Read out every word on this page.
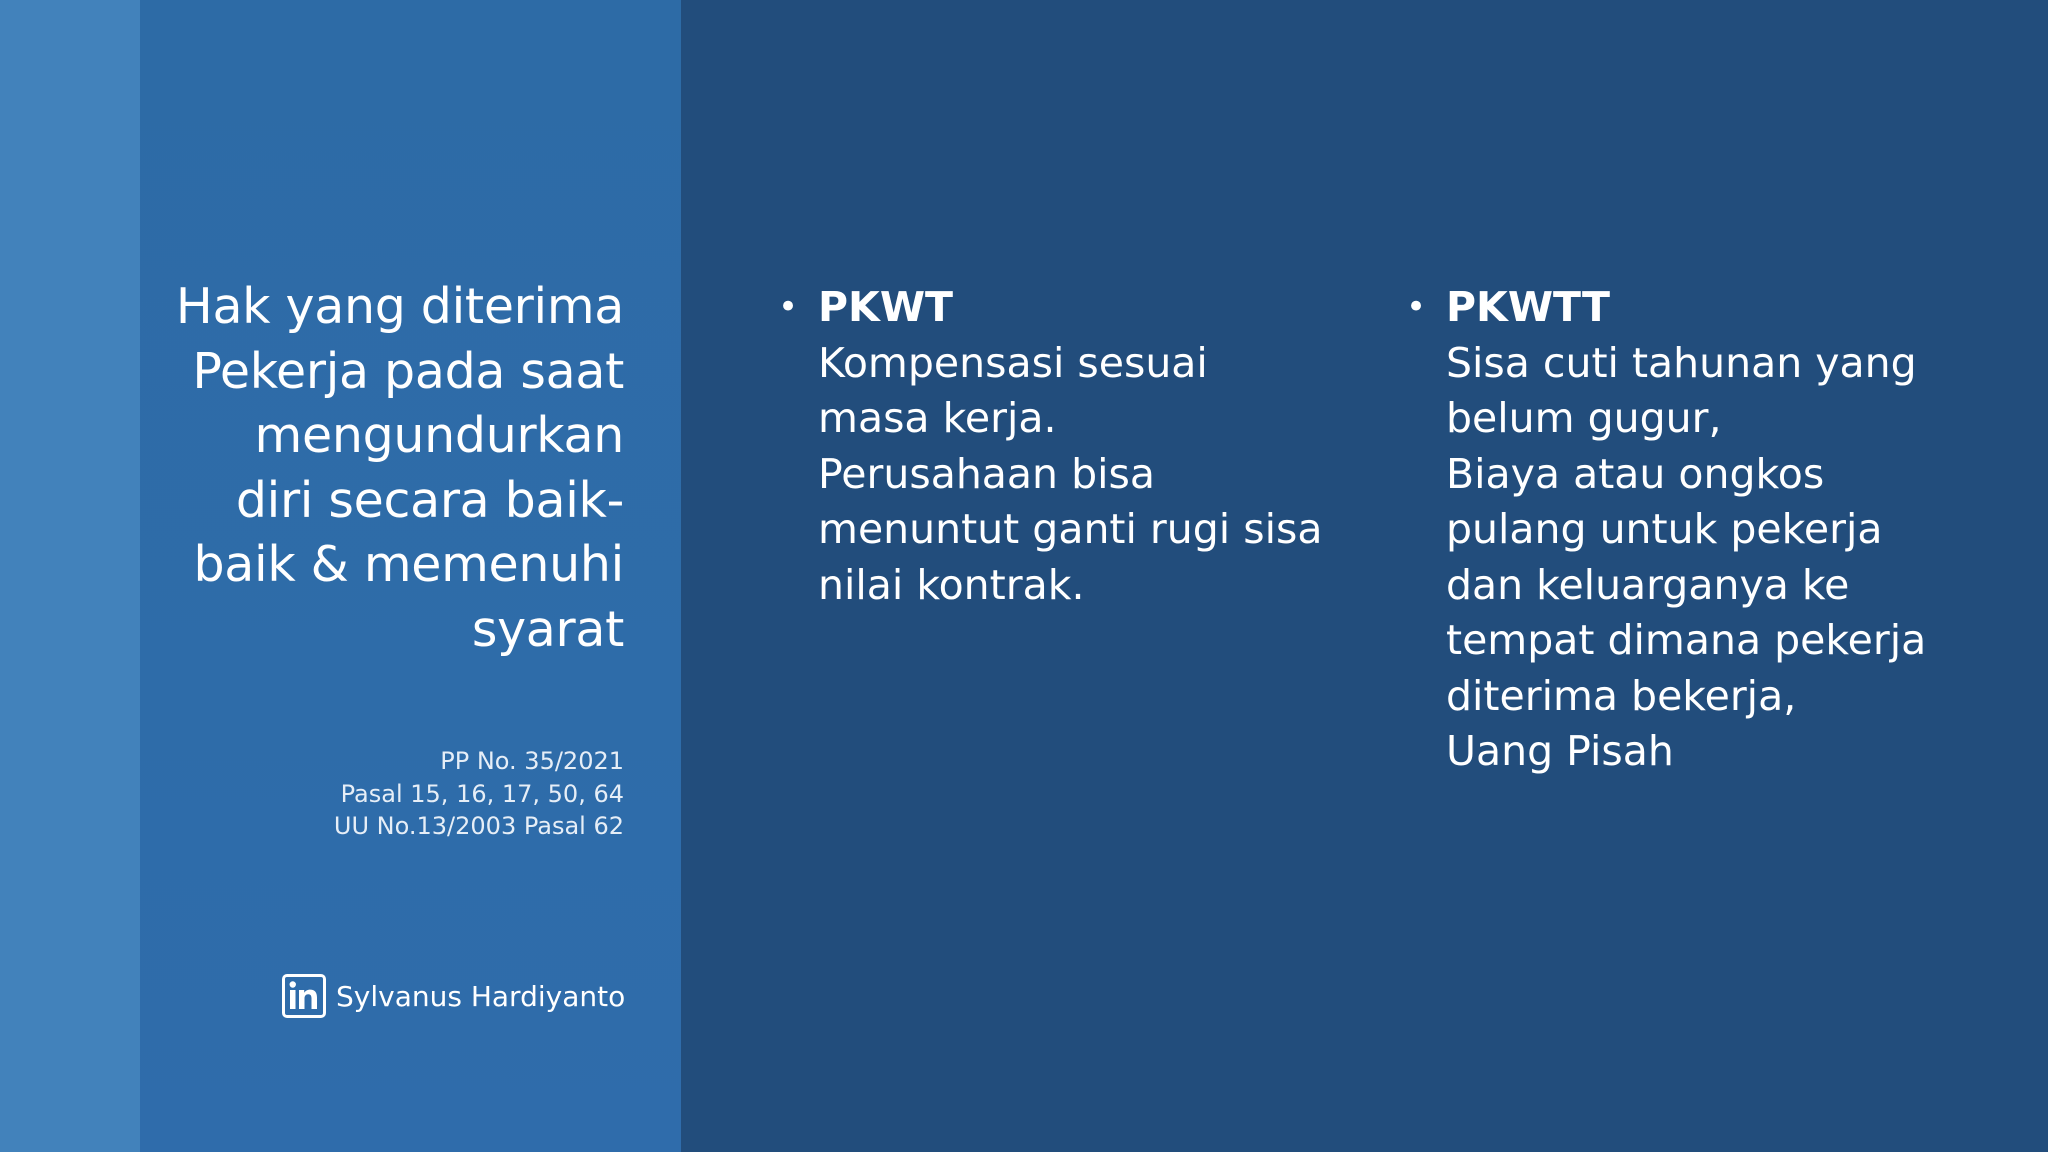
Hak yang diterima
Pekerja pada saat
mengundurkan
diri secara baik-
baik & memenuhi
syarat
PP No. 35/2021
Pasal 15, 16, 17, 50, 64
UU No.13/2003 Pasal 62
Sylvanus Hardiyanto
• PKWT
Kompensasi sesuai
masa kerja.
Perusahaan bisa
menuntut ganti rugi sisa
nilai kontrak.
• PKWTT
Sisa cuti tahunan yang
belum gugur,
Biaya atau ongkos
pulang untuk pekerja
dan keluarganya ke
tempat dimana pekerja
diterima bekerja,
Uang Pisah
